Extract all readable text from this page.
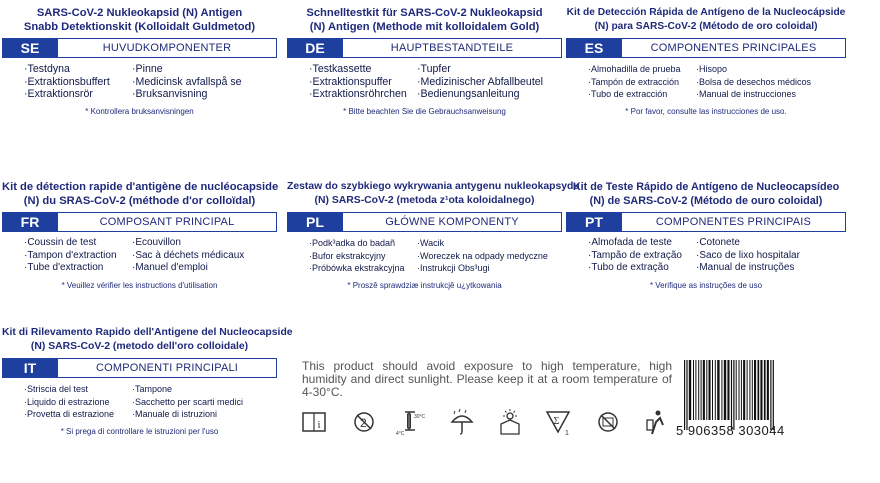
SARS-CoV-2 Nukleokapsid (N) Antigen
Snabb Detektionskit (Kolloidalt Guldmetod)
SE	HUVUDKOMPONENTER
·Testdyna	·Pinne
·Extraktionsbuffert	·Medicinsk avfallspå se
·Extraktionsrör	·Bruksanvisning
* Kontrollera bruksanvisningen
Schnelltestkit für SARS-CoV-2 Nukleokapsid
(N) Antigen (Methode mit kolloidalem Gold)
DE	HAUPTBESTANDTEILE
·Testkassette	·Tupfer
·Extraktionspuffer	·Medizinischer Abfallbeutel
·Extraktionsröhrchen ·Bedienungsanleitung
* Bitte beachten Sie die Gebrauchsanweisung
Kit de Detección Rápida de Antígeno de la Nucleocápside
(N) para SARS-CoV-2 (Método de oro coloidal)
ES	COMPONENTES PRINCIPALES
·Almohadilla de prueba	·Hisopo
·Tampón de extracción	·Bolsa de desechos médicos
·Tubo de extracción	·Manual de instrucciones
* Por favor, consulte las instrucciones de uso.
Kit de détection rapide d'antigène de nucléocapside
(N) du SRAS-CoV-2 (méthode d'or colloïdal)
FR	COMPOSANT PRINCIPAL
·Coussin de test	·Ecouvillon
·Tampon d'extraction	·Sac à déchets médicaux
·Tube d'extraction	·Manuel d'emploi
* Veuillez vérifier les instructions d'utilisation
Zestaw do szybkiego wykrywania antygenu nukleokapsydu
(N) SARS-CoV-2 (metoda z¹ota koloidalnego)
PL	GŁÓWNE KOMPONENTY
·Podk³adka do badañ	·Wacik
·Bufor ekstrakcyjny	·Woreczek na odpady medyczne
·Próbówka ekstrakcyjna	·Instrukcji Obs³ugi
* Proszê sprawdziæ instrukcjê u¿ytkowania
Kit de Teste Rápido de Antígeno de Nucleocapsídeo
(N) de SARS-CoV-2 (Método de ouro coloidal)
PT	COMPONENTES PRINCIPAIS
·Almofada de teste	·Cotonete
·Tampão de extração	·Saco de lixo hospitalar
·Tubo de extração	·Manual de instruções
* Verifique as instruções de uso
Kit di Rilevamento Rapido dell'Antigene del Nucleocapside
(N) SARS-CoV-2 (metodo dell'oro colloidale)
IT	COMPONENTI PRINCIPALI
·Striscia del test	·Tampone
·Liquido di estrazione	·Sacchetto per scarti medici
·Provetta di estrazione	·Manuale di istruzioni
* Si prega di controllare le istruzioni per l'uso
This product should avoid exposure to high temperature, high humidity and direct sunlight. Please keep it at a room temperature of 4-30°C.
i	2	30°C
4°C
Σ
1	5 906358 303044
